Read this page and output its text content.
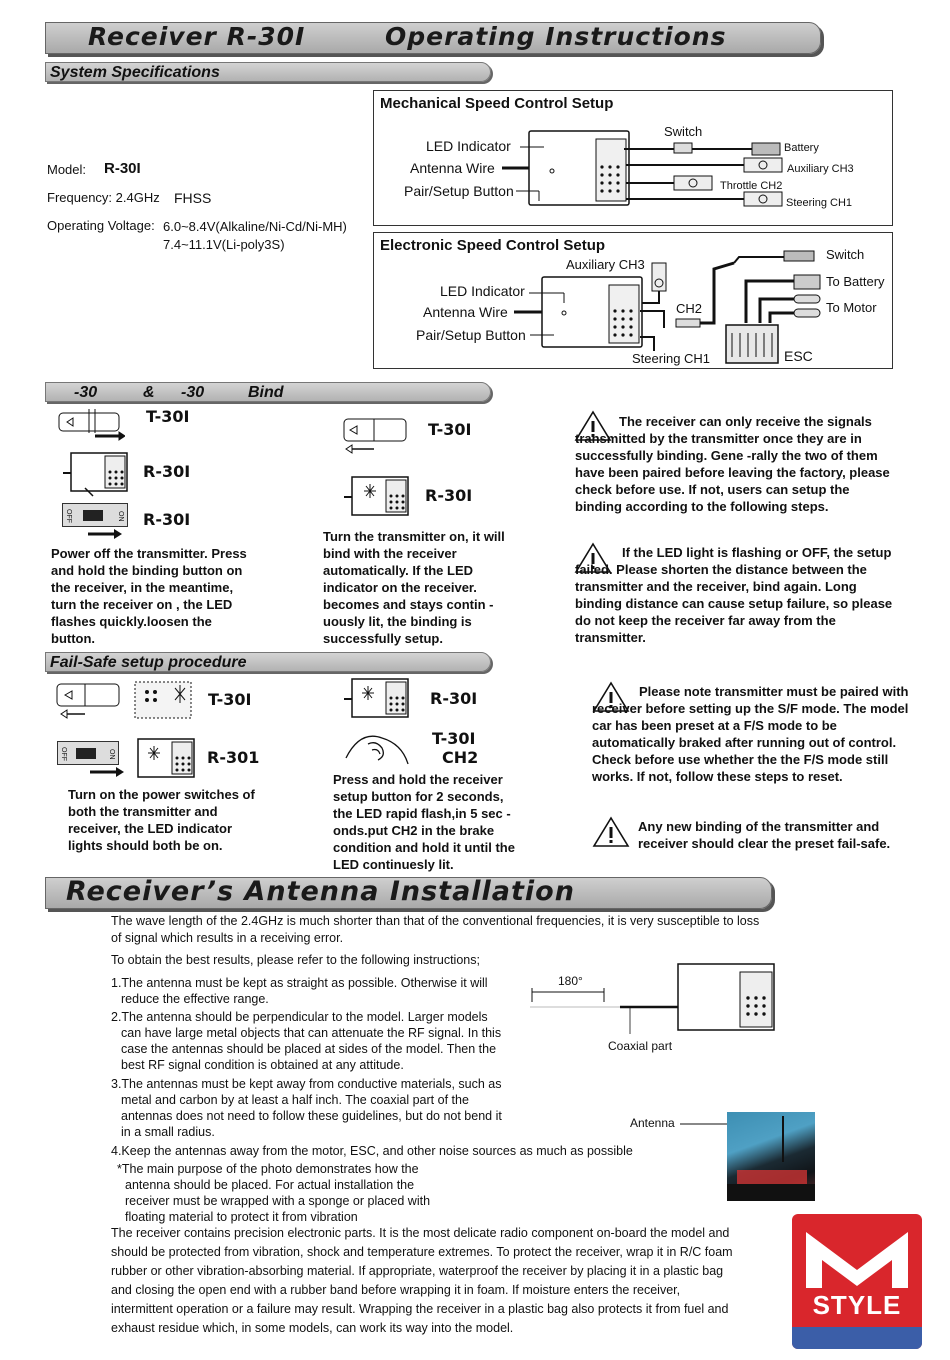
Receiver R-30I	Operating Instructions
System Specifications
Model: R-30I
Frequency: 2.4GHz FHSS
Operating Voltage: 6.0~8.4V(Alkaline/Ni-Cd/Ni-MH)
7.4~11.1V(Li-poly3S)
Mechanical Speed Control Setup
LED Indicator
Antenna Wire
Pair/Setup Button
Switch
Battery
Auxiliary CH3
Throttle CH2
Steering CH1
Electronic Speed Control Setup
Auxiliary CH3
LED Indicator
Antenna Wire
Pair/Setup Button
CH2
Steering CH1
Switch
To Battery
To Motor
ESC
-30	& -30	Bind
T-30I
R-30I
OFF	ON R-30I
Power off the transmitter. Press and hold the binding button on the receiver, in the meantime, turn the receiver on , the LED flashes quickly.loosen the button.
T-30I
R-30I
Turn the transmitter on, it will bind with the receiver automatically. If the LED indicator on the receiver. becomes and stays contin -uously lit, the binding is successfully setup.
The receiver can only receive the signals transmitted by the transmitter once they are in successfully binding. Gene -rally the two of them have been paired before leaving the factory, please check before use. If not, users can setup the binding according to the following steps.
If the LED light is flashing or OFF, the setup failed. Please shorten the distance between the transmitter and the receiver, bind again. Long binding distance can cause setup failure, so please do not keep the receiver far away from the transmitter.
Fail-Safe setup procedure
T-30I
OFF	ON	R-301
Turn on the power switches of both the transmitter and receiver, the LED indicator lights should both be on.
R-30I
T-30I
CH2
Press and hold the receiver setup button for 2 seconds, the LED rapid flash,in 5 sec -onds.put CH2 in the brake condition and hold it until the LED continuesly lit.
Please note transmitter must be paired with receiver before setting up the S/F mode. The model car has been preset at a F/S mode to be automatically braked after running out of control. Check before use whether the the F/S mode still works. If not, follow these steps to reset.
Any new binding of the transmitter and receiver should clear the preset fail-safe.
Receiver’s Antenna Installation
The wave length of the 2.4GHz is much shorter than that of the conventional frequencies, it is very susceptible to loss of signal which results in a receiving error.
To obtain the best results, please refer to the following instructions;
1.The antenna must be kept as straight as possible. Otherwise it will reduce the effective range.
2.The antenna should be perpendicular to the model. Larger models can have large metal objects that can attenuate the RF signal. In this case the antennas should be placed at sides of the model. Then the best RF signal condition is obtained at any attitude.
3.The antennas must be kept away from conductive materials, such as metal and carbon by at least a half inch. The coaxial part of the antennas does not need to follow these guidelines, but do not bend it in a small radius.
4.Keep the antennas away from the motor, ESC, and other noise sources as much as possible
*The main purpose of the photo demonstrates how the antenna should be placed. For actual installation the receiver must be wrapped with a sponge or placed with floating material to protect it from vibration
The receiver contains precision electronic parts. It is the most delicate radio component on-board the model and should be protected from vibration, shock and temperature extremes. To protect the receiver, wrap it in R/C foam rubber or other vibration-absorbing material. If appropriate, waterproof the receiver by placing it in a plastic bag and closing the open end with a rubber band before wrapping it in foam. If moisture enters the receiver, intermittent operation or a failure may result. Wrapping the receiver in a plastic bag also protects it from fuel and exhaust residue which, in some models, can work its way into the model.
180°
Coaxial part
Antenna
STYLE
